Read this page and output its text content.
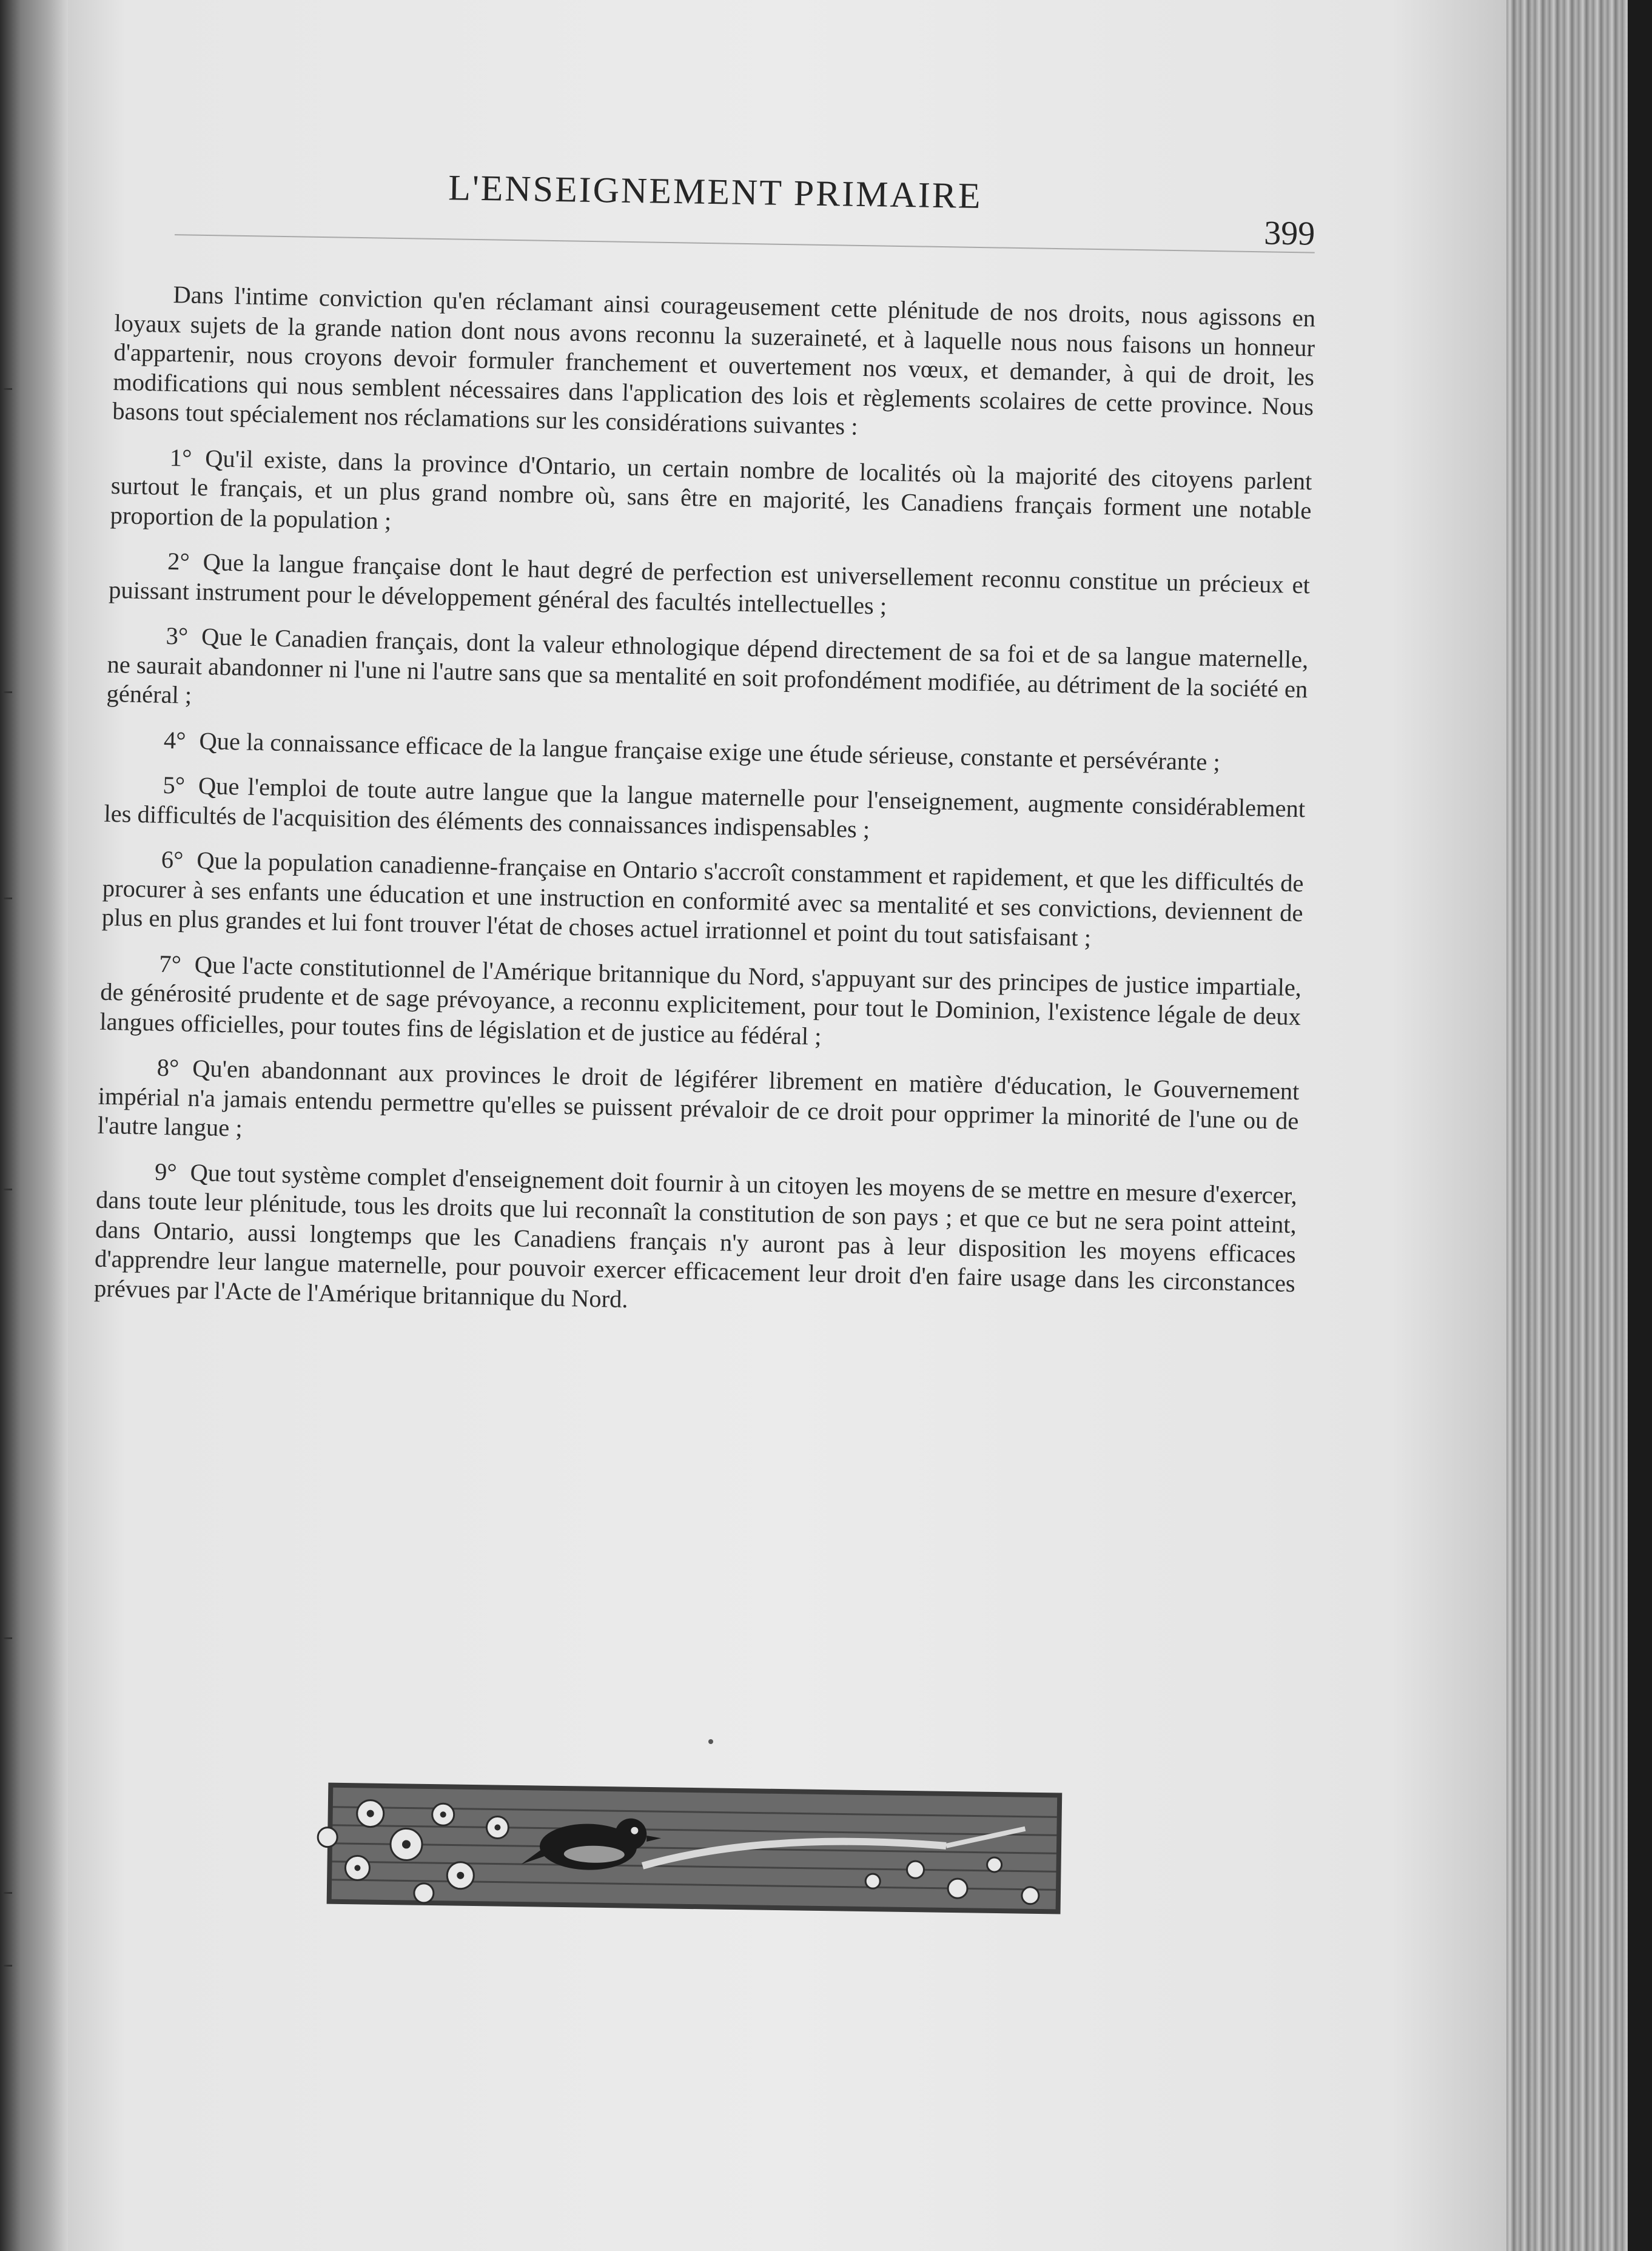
L'ENSEIGNEMENT PRIMAIRE
399

Dans l'intime conviction qu'en réclamant ainsi courageusement cette plénitude de nos droits, nous agissons en loyaux sujets de la grande nation dont nous avons reconnu la suzeraineté, et à laquelle nous nous faisons un honneur d'appartenir, nous croyons devoir formuler franchement et ouvertement nos vœux, et demander, à qui de droit, les modifications qui nous semblent nécessaires dans l'application des lois et règlements scolaires de cette province. Nous basons tout spécialement nos réclamations sur les considérations suivantes :

1° Qu'il existe, dans la province d'Ontario, un certain nombre de localités où la majorité des citoyens parlent surtout le français, et un plus grand nombre où, sans être en majorité, les Canadiens français forment une notable proportion de la population ;

2° Que la langue française dont le haut degré de perfection est universellement reconnu constitue un précieux et puissant instrument pour le développement général des facultés intellectuelles ;

3° Que le Canadien français, dont la valeur ethnologique dépend directement de sa foi et de sa langue maternelle, ne saurait abandonner ni l'une ni l'autre sans que sa mentalité en soit profondément modifiée, au détriment de la société en général ;

4° Que la connaissance efficace de la langue française exige une étude sérieuse, constante et persévérante ;

5° Que l'emploi de toute autre langue que la langue maternelle pour l'enseignement, augmente considérablement les difficultés de l'acquisition des éléments des connaissances indispensables ;

6° Que la population canadienne-française en Ontario s'accroît constamment et rapidement, et que les difficultés de procurer à ses enfants une éducation et une instruction en conformité avec sa mentalité et ses convictions, deviennent de plus en plus grandes et lui font trouver l'état de choses actuel irrationnel et point du tout satisfaisant ;

7° Que l'acte constitutionnel de l'Amérique britannique du Nord, s'appuyant sur des principes de justice impartiale, de générosité prudente et de sage prévoyance, a reconnu explicitement, pour tout le Dominion, l'existence légale de deux langues officielles, pour toutes fins de législation et de justice au fédéral ;

8° Qu'en abandonnant aux provinces le droit de légiférer librement en matière d'éducation, le Gouvernement impérial n'a jamais entendu permettre qu'elles se puissent prévaloir de ce droit pour opprimer la minorité de l'une ou de l'autre langue ;

9° Que tout système complet d'enseignement doit fournir à un citoyen les moyens de se mettre en mesure d'exercer, dans toute leur plénitude, tous les droits que lui reconnaît la constitution de son pays ; et que ce but ne sera point atteint, dans Ontario, aussi longtemps que les Canadiens français n'y auront pas à leur disposition les moyens efficaces d'apprendre leur langue maternelle, pour pouvoir exercer efficacement leur droit d'en faire usage dans les circonstances prévues par l'Acte de l'Amérique britannique du Nord.
